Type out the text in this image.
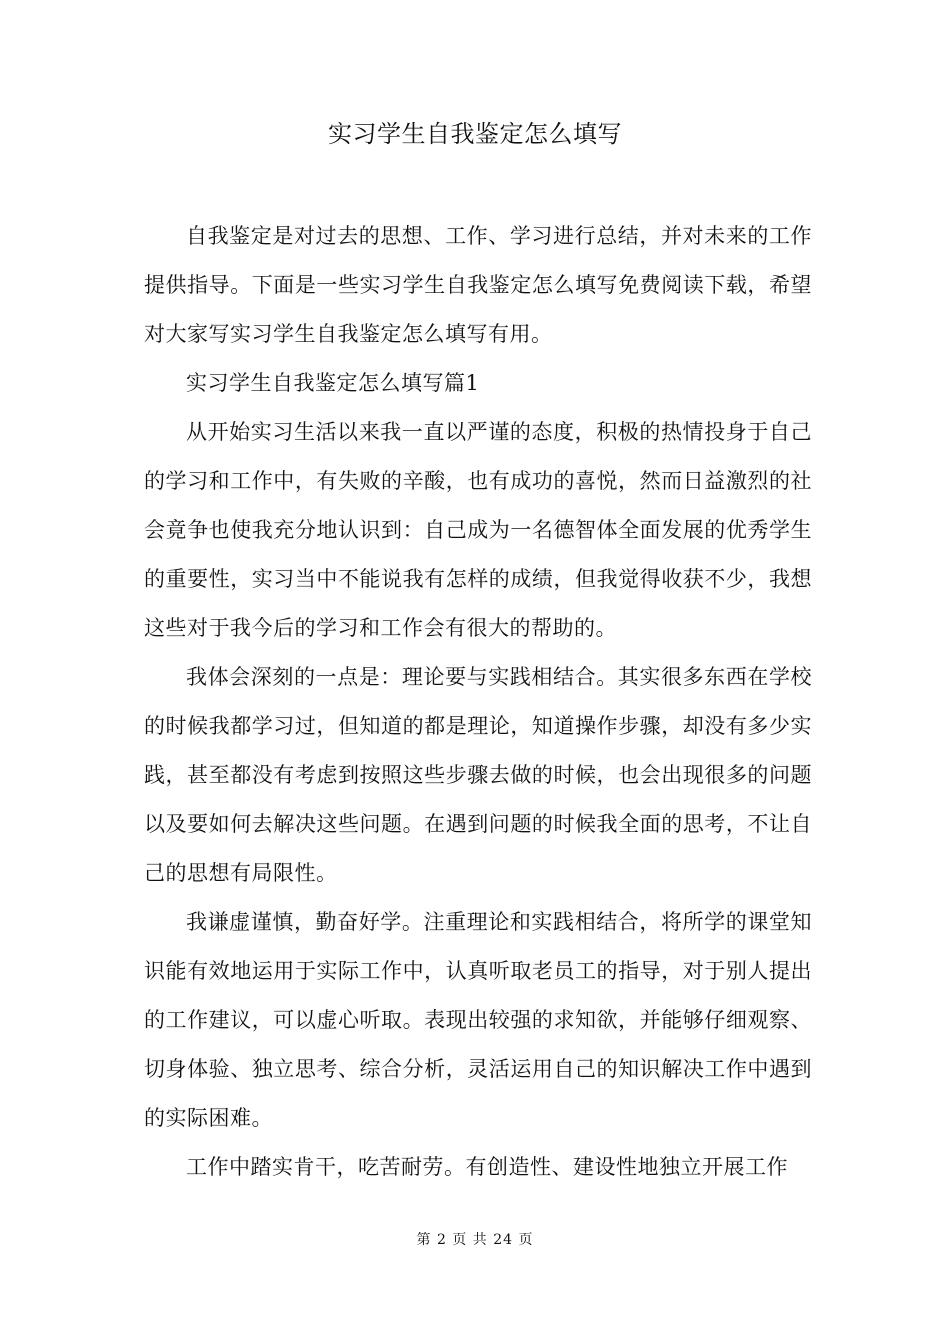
实习学生自我鉴定怎么填写

自我鉴定是对过去的思想、工作、学习进行总结，并对未来的工作提供指导。下面是一些实习学生自我鉴定怎么填写免费阅读下载，希望对大家写实习学生自我鉴定怎么填写有用。

实习学生自我鉴定怎么填写篇1

从开始实习生活以来我一直以严谨的态度，积极的热情投身于自己的学习和工作中，有失败的辛酸，也有成功的喜悦，然而日益激烈的社会竟争也使我充分地认识到：自己成为一名德智体全面发展的优秀学生的重要性，实习当中不能说我有怎样的成绩，但我觉得收获不少，我想这些对于我今后的学习和工作会有很大的帮助的。

我体会深刻的一点是：理论要与实践相结合。其实很多东西在学校的时候我都学习过，但知道的都是理论，知道操作步骤，却没有多少实践，甚至都没有考虑到按照这些步骤去做的时候，也会出现很多的问题以及要如何去解决这些问题。在遇到问题的时候我全面的思考，不让自己的思想有局限性。

我谦虚谨慎，勤奋好学。注重理论和实践相结合，将所学的课堂知识能有效地运用于实际工作中，认真听取老员工的指导，对于别人提出的工作建议，可以虚心听取。表现出较强的求知欲，并能够仔细观察、切身体验、独立思考、综合分析，灵活运用自己的知识解决工作中遇到的实际困难。

工作中踏实肯干，吃苦耐劳。有创造性、建设性地独立开展工作

第 2 页 共 24 页
